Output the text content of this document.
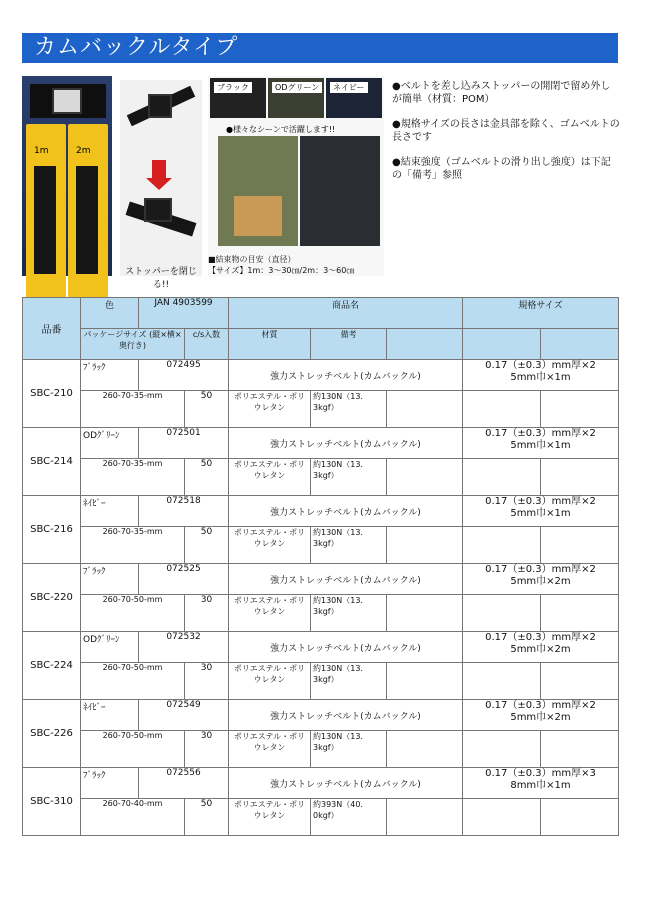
カムバックルタイプ
1m	2m
ストッパーを閉じる!!
ブラック	ODグリーン	ネイビー
●様々なシーンで活躍します!!
■結束物の目安（直径）
【サイズ】1m：3～30㎝/2m：3～60㎝
●ベルトを差し込みストッパーの開閉で留め外しが簡単（材質：POM）
●規格サイズの長さは金具部を除く、ゴムベルトの長さです
●結束強度（ゴムベルトの滑り出し強度）は下記の「備考」参照
品番	色	JAN 4903599		商品名			規格サイズ	
	パッケージサイズ (縦×横×奥行き)		c/s入数	材質	備考			
SBC-210	ﾌﾞﾗｯｸ	072495		強力ストレッチベルト(カムバックル)			0.17（±0.3）mm厚×2
5mm巾×1m	

	260-70-35-mm		50	ポリエステル・ポリウレタン	約130N（13．3kgf）			
SBC-214	ODｸﾞﾘｰﾝ	072501		強力ストレッチベルト(カムバックル)			0.17（±0.3）mm厚×2
5mm巾×1m	

	260-70-35-mm		50	ポリエステル・ポリウレタン	約130N（13．3kgf）			
SBC-216	ﾈｲﾋﾞｰ	072518		強力ストレッチベルト(カムバックル)			0.17（±0.3）mm厚×2
5mm巾×1m	

	260-70-35-mm		50	ポリエステル・ポリウレタン	約130N（13．3kgf）			
SBC-220	ﾌﾞﾗｯｸ	072525		強力ストレッチベルト(カムバックル)			0.17（±0.3）mm厚×2
5mm巾×2m	

	260-70-50-mm		30	ポリエステル・ポリウレタン	約130N（13．3kgf）			
SBC-224	ODｸﾞﾘｰﾝ	072532		強力ストレッチベルト(カムバックル)			0.17（±0.3）mm厚×2
5mm巾×2m	

	260-70-50-mm		30	ポリエステル・ポリウレタン	約130N（13．3kgf）			
SBC-226	ﾈｲﾋﾞｰ	072549		強力ストレッチベルト(カムバックル)			0.17（±0.3）mm厚×2
5mm巾×2m	

	260-70-50-mm		30	ポリエステル・ポリウレタン	約130N（13．3kgf）			
SBC-310	ﾌﾞﾗｯｸ	072556		強力ストレッチベルト(カムバックル)			0.17（±0.3）mm厚×3
8mm巾×1m	

	260-70-40-mm		50	ポリエステル・ポリウレタン	約393N（40．0kgf）			
